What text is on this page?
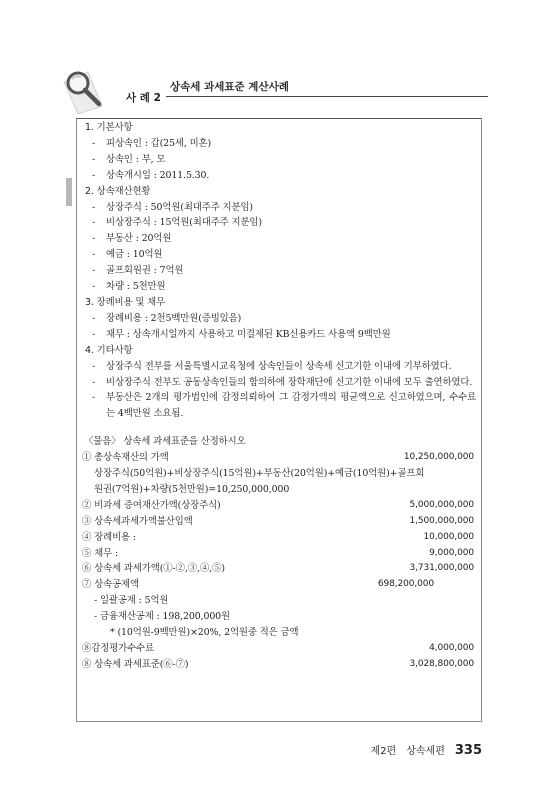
사 례 2
상속세 과세표준 계산사례
1. 기본사항
- 피상속인 : 갑(25세, 미혼)
- 상속인 : 부, 모
- 상속개시일 : 2011.5.30.
2. 상속재산현황
- 상장주식 : 50억원(최대주주 지분임)
- 비상장주식 : 15억원(최대주주 지분임)
- 부동산 : 20억원
- 예금 : 10억원
- 골프회원권 : 7억원
- 차량 : 5천만원
3. 장례비용 및 채무
- 장례비용 : 2천5백만원(증빙있음)
- 채무 : 상속개시일까지 사용하고 미결제된 KB신용카드 사용액 9백만원
4. 기타사항
- 상장주식 전부를 서울특별시교육청에 상속인들이 상속세 신고기한 이내에 기부하였다.
- 비상장주식 전부도 공동상속인들의 합의하에 장학재단에 신고기한 이내에 모두 출연하였다.
- 부동산은 2개의 평가법인에 감정의뢰하여 그 감정가액의 평균액으로 신고하였으며, 수수료는 4백만원 소요됨.
〈물음〉 상속세 과세표준을 산정하시오
① 총상속재산의 가액	10,250,000,000
상장주식(50억원)+비상장주식(15억원)+부동산(20억원)+예금(10억원)+골프회
원권(7억원)+차량(5천만원)=10,250,000,000
② 비과세 증여재산가액(상장주식)	5,000,000,000
③ 상속세과세가액불산입액	1,500,000,000
④ 장례비용 :	10,000,000
⑤ 채무 :	9,000,000
⑥ 상속세 과세가액(①-②,③,④,⑤)	3,731,000,000
⑦ 상속공제액	698,200,000
- 일괄공제 : 5억원
- 금융재산공제 : 198,200,000원
* (10억원-9백만원)×20%, 2억원중 적은 금액
⑧감정평가수수료	4,000,000
⑧ 상속세 과세표준(⑥-⑦)	3,028,800,000
제2편 상속세편 335
